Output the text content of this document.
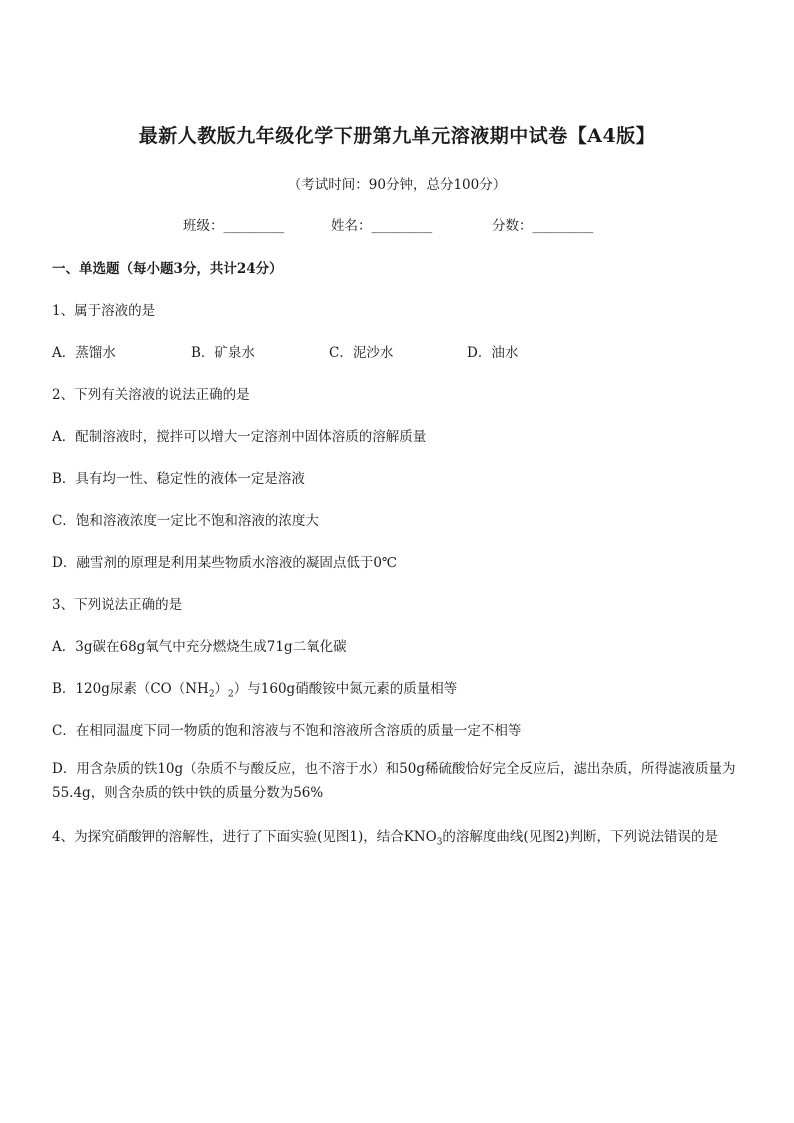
最新人教版九年级化学下册第九单元溶液期中试卷【A4版】
（考试时间：90分钟，总分100分）
班级：_________	姓名：_________	分数：_________
一、单选题（每小题3分，共计24分）
1、属于溶液的是
A．蒸馏水	B．矿泉水	C．泥沙水	D．油水
2、下列有关溶液的说法正确的是
A．配制溶液时，搅拌可以增大一定溶剂中固体溶质的溶解质量
B．具有均一性、稳定性的液体一定是溶液
C．饱和溶液浓度一定比不饱和溶液的浓度大
D．融雪剂的原理是利用某些物质水溶液的凝固点低于0℃
3、下列说法正确的是
A．3g碳在68g氧气中充分燃烧生成71g二氧化碳
B．120g尿素$(CO(NH_2)_2)$与160g硝酸铵中氮元素的质量相等
C．在相同温度下同一物质的饱和溶液与不饱和溶液所含溶质的质量一定不相等
D．用含杂质的铁10g（杂质不与酸反应，也不溶于水）和50g稀硫酸恰好完全反应后，滤出杂质，所得滤液质量为55.4g，则含杂质的铁中铁的质量分数为56%
4、为探究硝酸钾的溶解性，进行了下面实验(见图1)，结合$KNO_3$的溶解度曲线(见图2)判断，下列说法错误的是
